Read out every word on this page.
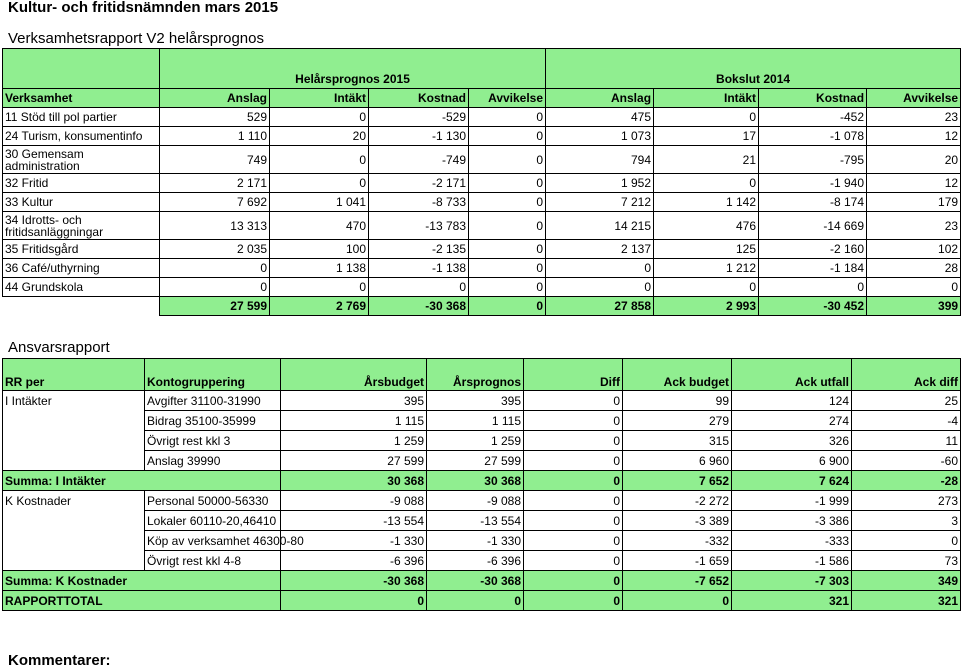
Kultur- och fritidsnämnden mars 2015
Verksamhetsrapport V2 helårsprognos
	Helårsprognos 2015				Bokslut 2014			
Verksamhet	Anslag	Intäkt	Kostnad	Avvikelse	Anslag	Intäkt	Kostnad	Avvikelse
11 Stöd till pol partier	529	0	-529	0	475	0	-452	23
24 Turism, konsumentinfo	1 110	20	-1 130	0	1 073	17	-1 078	12
30 Gemensam administration	749	0	-749	0	794	21	-795	20
32 Fritid	2 171	0	-2 171	0	1 952	0	-1 940	12
33 Kultur	7 692	1 041	-8 733	0	7 212	1 142	-8 174	179
34 Idrotts- och fritidsanläggningar	13 313	470	-13 783	0	14 215	476	-14 669	23
35 Fritidsgård	2 035	100	-2 135	0	2 137	125	-2 160	102
36 Café/uthyrning	0	1 138	-1 138	0	0	1 212	-1 184	28
44 Grundskola	0	0	0	0	0	0	0	0
	27 599	2 769	-30 368	0	27 858	2 993	-30 452	399
Ansvarsrapport
RR per	Kontogruppering	Årsbudget	Årsprognos	Diff	Ack budget	Ack utfall	Ack diff
I Intäkter	Avgifter 31100-31990	395	395	0	99	124	25
	Bidrag 35100-35999	1 115	1 115	0	279	274	-4
	Övrigt rest kkl 3	1 259	1 259	0	315	326	11
	Anslag 39990	27 599	27 599	0	6 960	6 900	-60
Summa: I Intäkter		30 368	30 368	0	7 652	7 624	-28
K Kostnader	Personal 50000-56330	-9 088	-9 088	0	-2 272	-1 999	273
	Lokaler 60110-20,46410	-13 554	-13 554	0	-3 389	-3 386	3
	Köp av verksamhet 46300-80	-1 330	-1 330	0	-332	-333	0
	Övrigt rest kkl 4-8	-6 396	-6 396	0	-1 659	-1 586	73
Summa: K Kostnader		-30 368	-30 368	0	-7 652	-7 303	349
RAPPORTTOTAL		0	0	0	0	321	321
Kommentarer:
